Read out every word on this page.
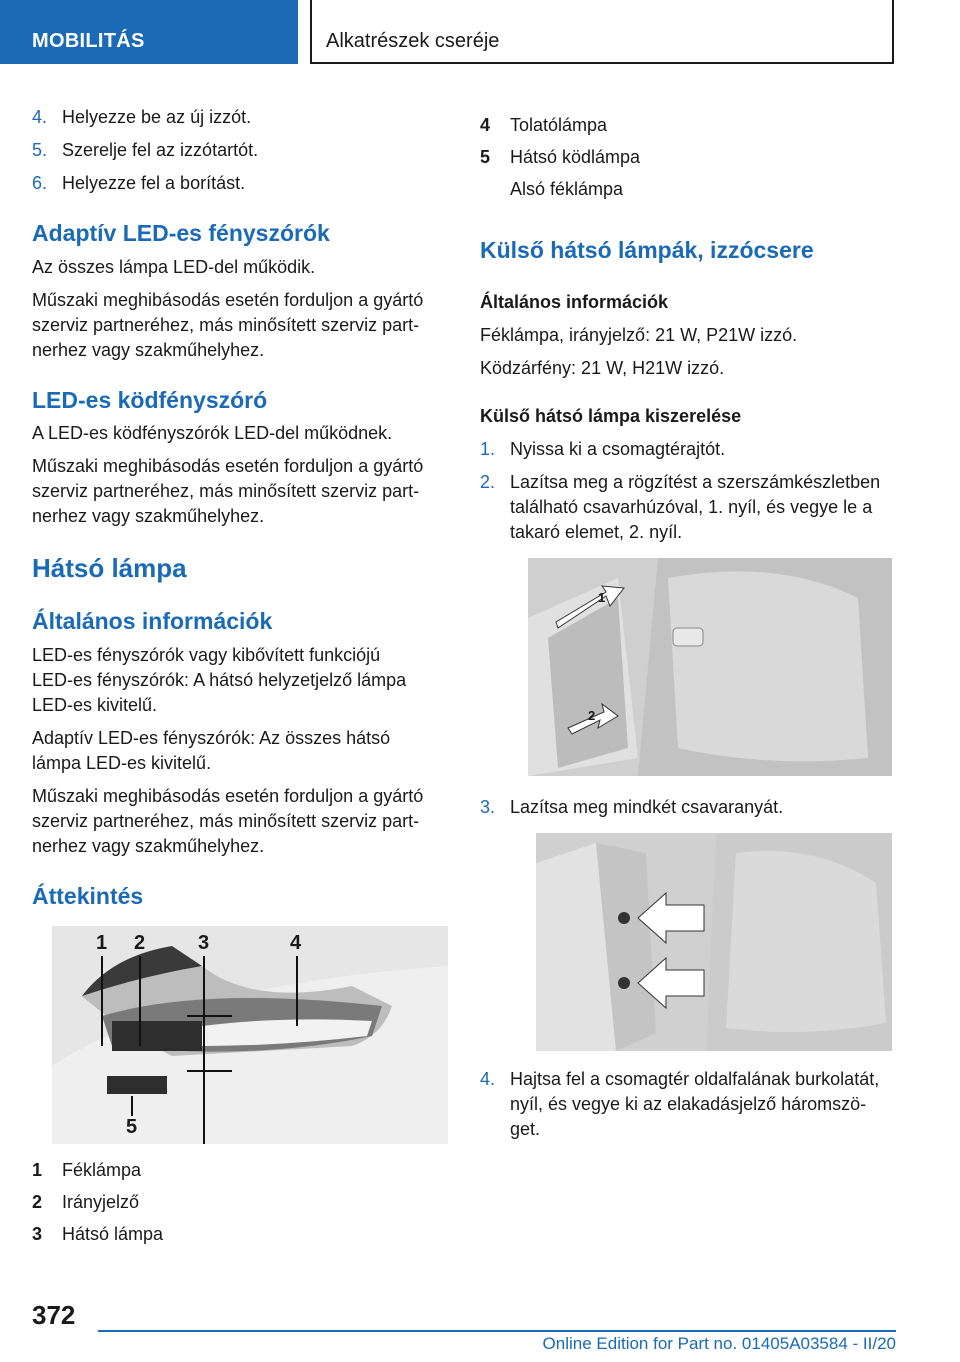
MOBILITÁS	Alkatrészek cseréje
4. Helyezze be az új izzót.
5. Szerelje fel az izzótartót.
6. Helyezze fel a borítást.
Adaptív LED-es fényszórók
Az összes lámpa LED-del működik.
Műszaki meghibásodás esetén forduljon a gyártó
szerviz partneréhez, más minősített szerviz part‐
nerhez vagy szakműhelyhez.
LED-es ködfényszóró
A LED-es ködfényszórók LED-del működnek.
Műszaki meghibásodás esetén forduljon a gyártó
szerviz partneréhez, más minősített szerviz part‐
nerhez vagy szakműhelyhez.
Hátsó lámpa
Általános információk
LED-es fényszórók vagy kibővített funkciójú
LED-es fényszórók: A hátsó helyzetjelző lámpa
LED-es kivitelű.
Adaptív LED-es fényszórók: Az összes hátsó
lámpa LED-es kivitelű.
Műszaki meghibásodás esetén forduljon a gyártó
szerviz partneréhez, más minősített szerviz part‐
nerhez vagy szakműhelyhez.
Áttekintés
1 2	3	4
5
1 Féklámpa
2 Irányjelző
3 Hátsó lámpa
4 Tolatólámpa
5 Hátsó ködlámpa
Alsó féklámpa
Külső hátsó lámpák, izzócsere
Általános információk
Féklámpa, irányjelző: 21 W, P21W izzó.
Ködzárfény: 21 W, H21W izzó.
Külső hátsó lámpa kiszerelése
1. Nyissa ki a csomagtérajtót.
2. Lazítsa meg a rögzítést a szerszámkészletben
található csavarhúzóval, 1. nyíl, és vegye le a
takaró elemet, 2. nyíl.
1
2
3. Lazítsa meg mindkét csavaranyát.
4. Hajtsa fel a csomagtér oldalfalának burkolatát,
nyíl, és vegye ki az elakadásjelző háromszö‐
get.
372
Online Edition for Part no. 01405A03584 - II/20
